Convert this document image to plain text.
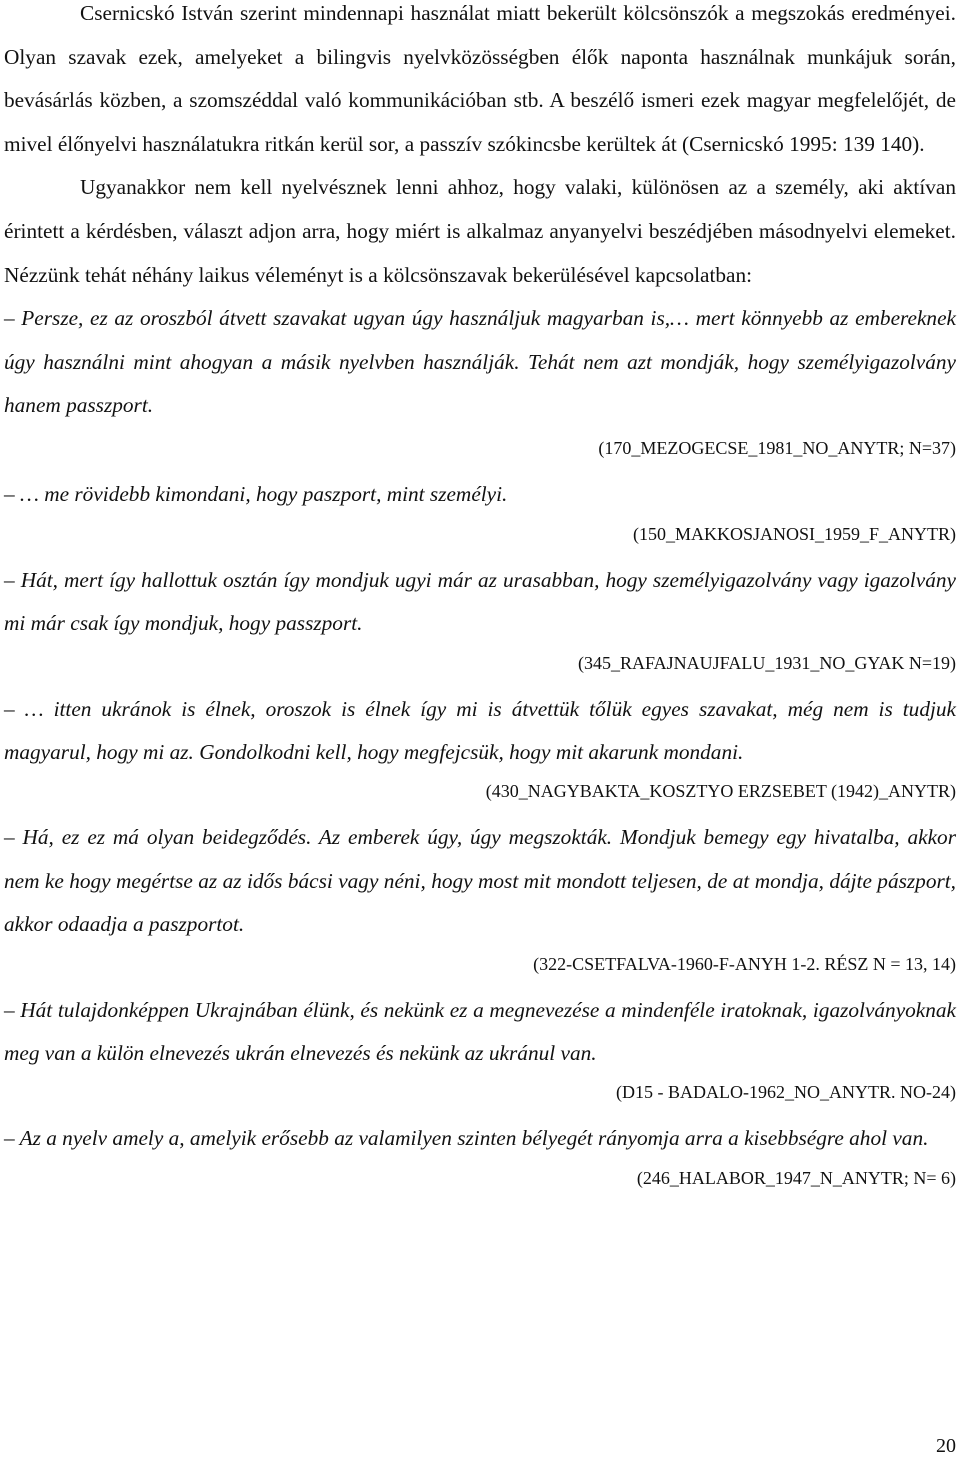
Csernicskó István szerint mindennapi használat miatt bekerült kölcsönszók a megszokás eredményei. Olyan szavak ezek, amelyeket a bilingvis nyelvközösségben élők naponta használnak munkájuk során, bevásárlás közben, a szomszéddal való kommunikációban stb. A beszélő ismeri ezek magyar megfelelőjét, de mivel élőnyelvi használatukra ritkán kerül sor, a passzív szókincsbe kerültek át (Csernicskó 1995: 139 140).

Ugyanakkor nem kell nyelvésznek lenni ahhoz, hogy valaki, különösen az a személy, aki aktívan érintett a kérdésben, választ adjon arra, hogy miért is alkalmaz anyanyelvi beszédjében másodnyelvi elemeket. Nézzünk tehát néhány laikus véleményt is a kölcsönszavak bekerülésével kapcsolatban:

– Persze, ez az oroszból átvett szavakat ugyan úgy használjuk magyarban is,… mert könnyebb az embereknek úgy használni mint ahogyan a másik nyelvben használják. Tehát nem azt mondják, hogy személyigazolvány hanem passzport.

(170_MEZOGECSE_1981_NO_ANYTR; N=37)

– … me rövidebb kimondani, hogy paszport, mint személyi.

(150_MAKKOSJANOSI_1959_F_ANYTR)

– Hát, mert így hallottuk osztán így mondjuk ugyi már az urasabban, hogy személyigazolvány vagy igazolvány mi már csak így mondjuk, hogy passzport.

(345_RAFAJNAUJFALU_1931_NO_GYAK N=19)

– … itten ukránok is élnek, oroszok is élnek így mi is átvettük tőlük egyes szavakat, még nem is tudjuk magyarul, hogy mi az. Gondolkodni kell, hogy megfejcsük, hogy mit akarunk mondani.

(430_NAGYBAKTA_KOSZTYO ERZSEBET (1942)_ANYTR)

– Há, ez ez má olyan beidegződés. Az emberek úgy, úgy megszokták. Mondjuk bemegy egy hivatalba, akkor nem ke hogy megértse az az idős bácsi vagy néni, hogy most mit mondott teljesen, de at mondja, dájte pászport, akkor odaadja a paszportot.

(322-CSETFALVA-1960-F-ANYH 1-2. RÉSZ N = 13, 14)

– Hát tulajdonképpen Ukrajnában élünk, és nekünk ez a megnevezése a mindenféle iratoknak, igazolványoknak meg van a külön elnevezés ukrán elnevezés és nekünk az ukránul van.

(D15 - BADALO-1962_NO_ANYTR. NO-24)

– Az a nyelv amely a, amelyik erősebb az valamilyen szinten bélyegét rányomja arra a kisebbségre ahol van.

(246_HALABOR_1947_N_ANYTR; N= 6)

20
